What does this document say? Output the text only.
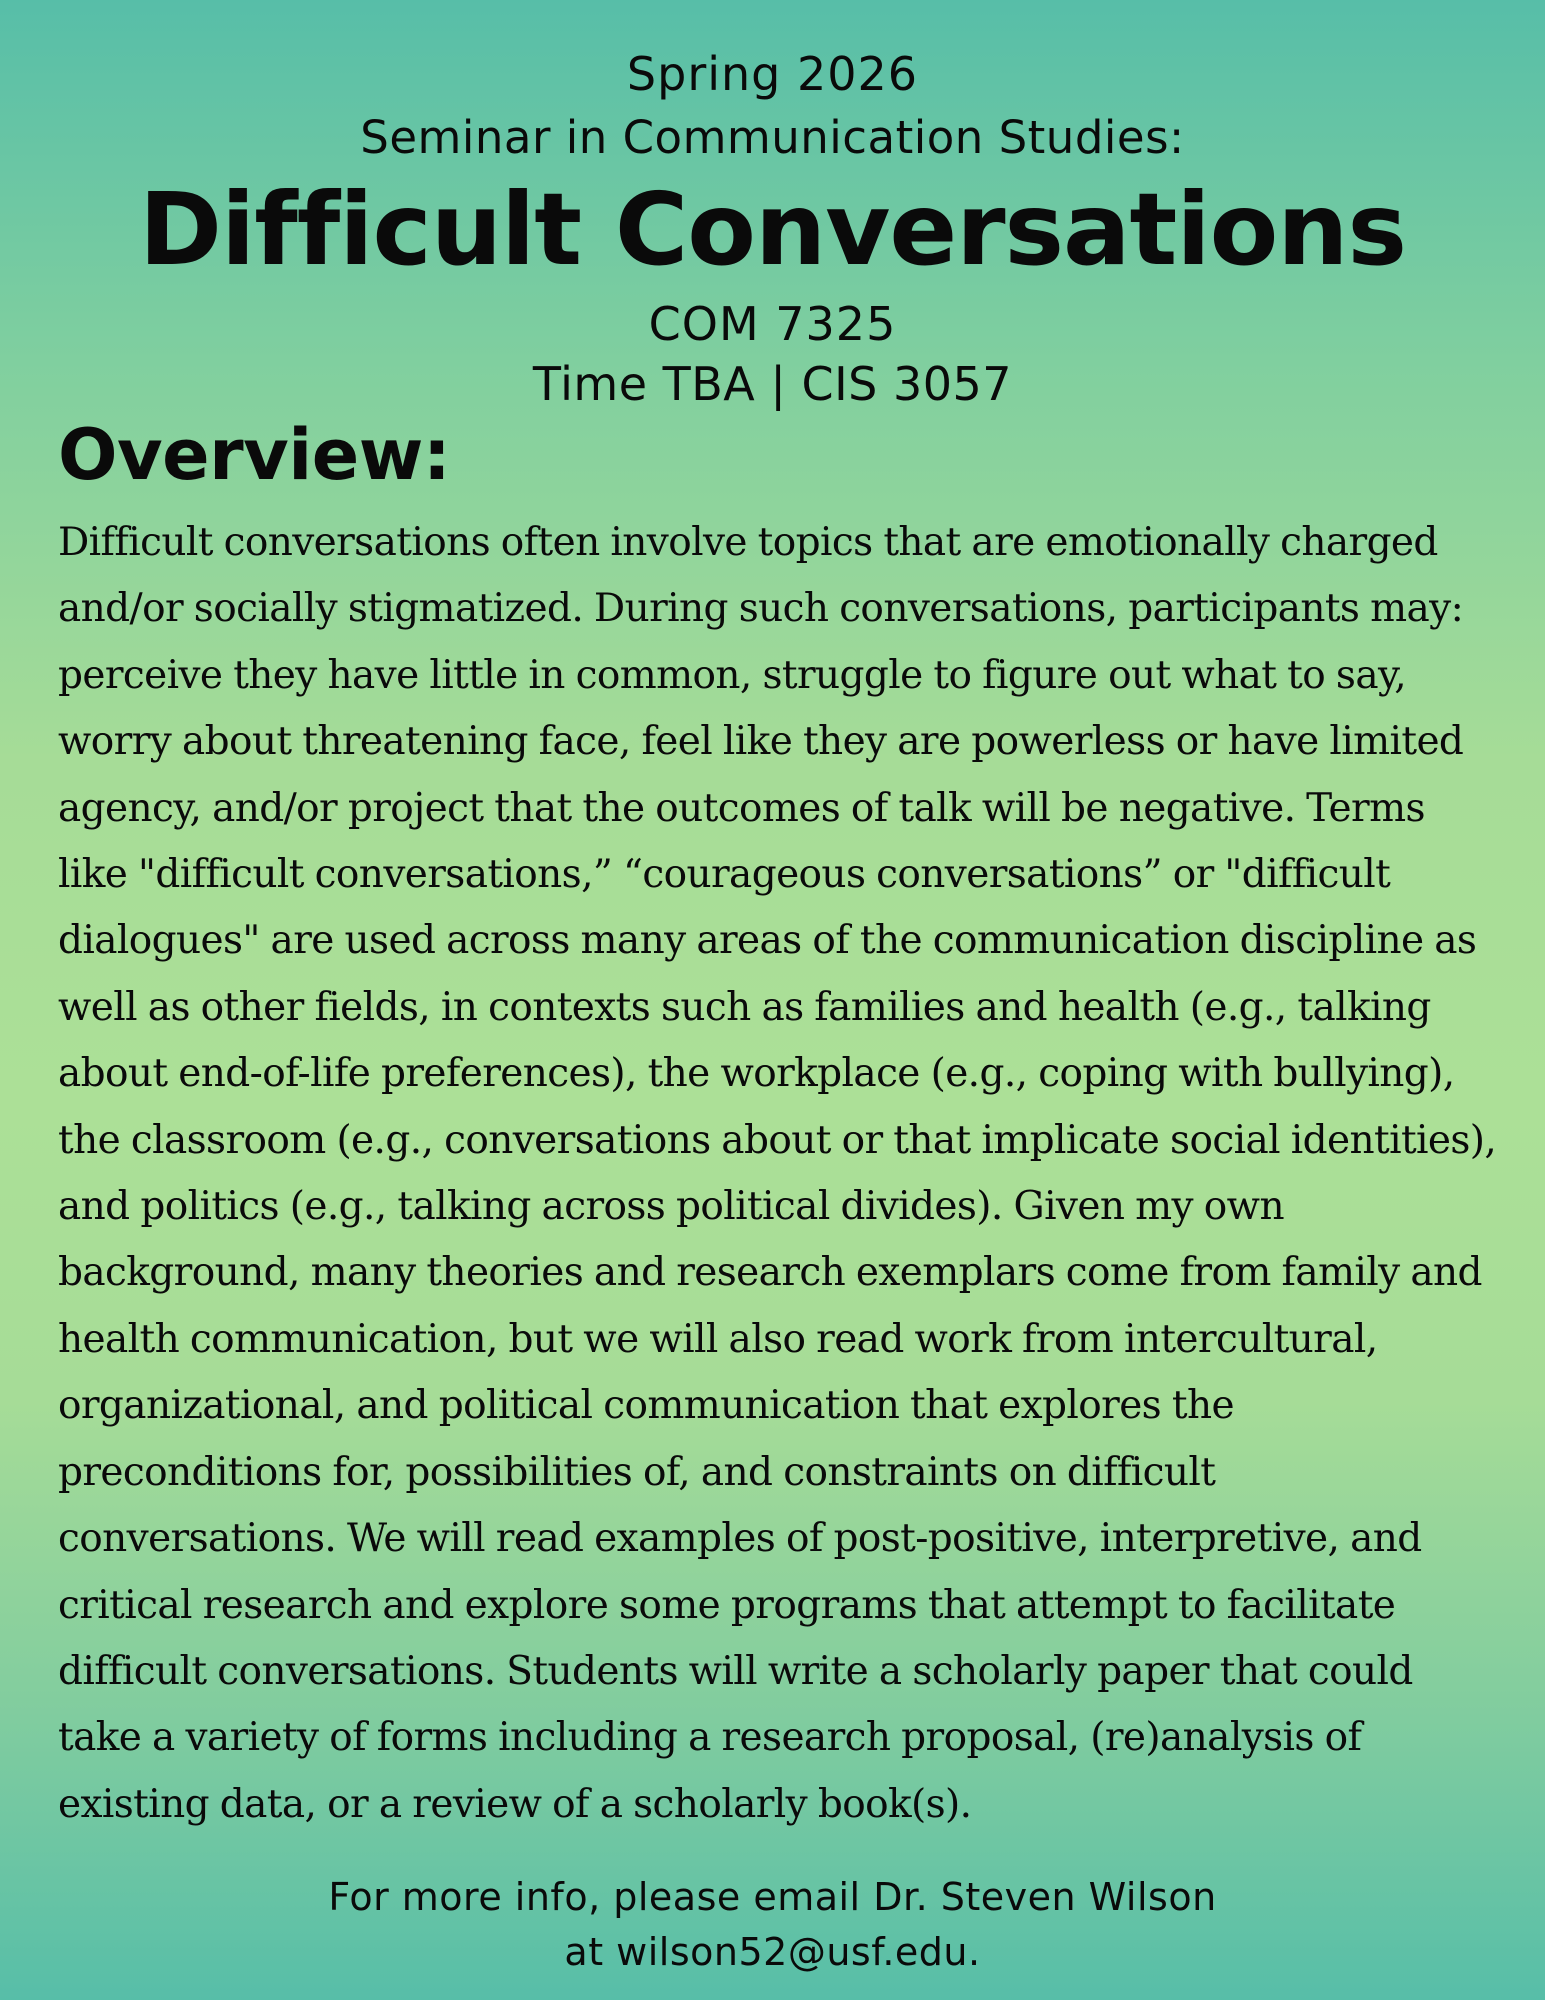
Spring 2026
Seminar in Communication Studies:
Difficult Conversations
COM 7325
Time TBA | CIS 3057
Overview:

Difficult conversations often involve topics that are emotionally charged and/or socially stigmatized. During such conversations, participants may: perceive they have little in common, struggle to figure out what to say, worry about threatening face, feel like they are powerless or have limited agency, and/or project that the outcomes of talk will be negative. Terms like "difficult conversations,” “courageous conversations” or "difficult dialogues" are used across many areas of the communication discipline as well as other fields, in contexts such as families and health (e.g., talking about end-of-life preferences), the workplace (e.g., coping with bullying), the classroom (e.g., conversations about or that implicate social identities), and politics (e.g., talking across political divides). Given my own background, many theories and research exemplars come from family and health communication, but we will also read work from intercultural, organizational, and political communication that explores the preconditions for, possibilities of, and constraints on difficult conversations. We will read examples of post-positive, interpretive, and critical research and explore some programs that attempt to facilitate difficult conversations. Students will write a scholarly paper that could take a variety of forms including a research proposal, (re)analysis of existing data, or a review of a scholarly book(s).

For more info, please email Dr. Steven Wilson
at wilson52@usf.edu.
